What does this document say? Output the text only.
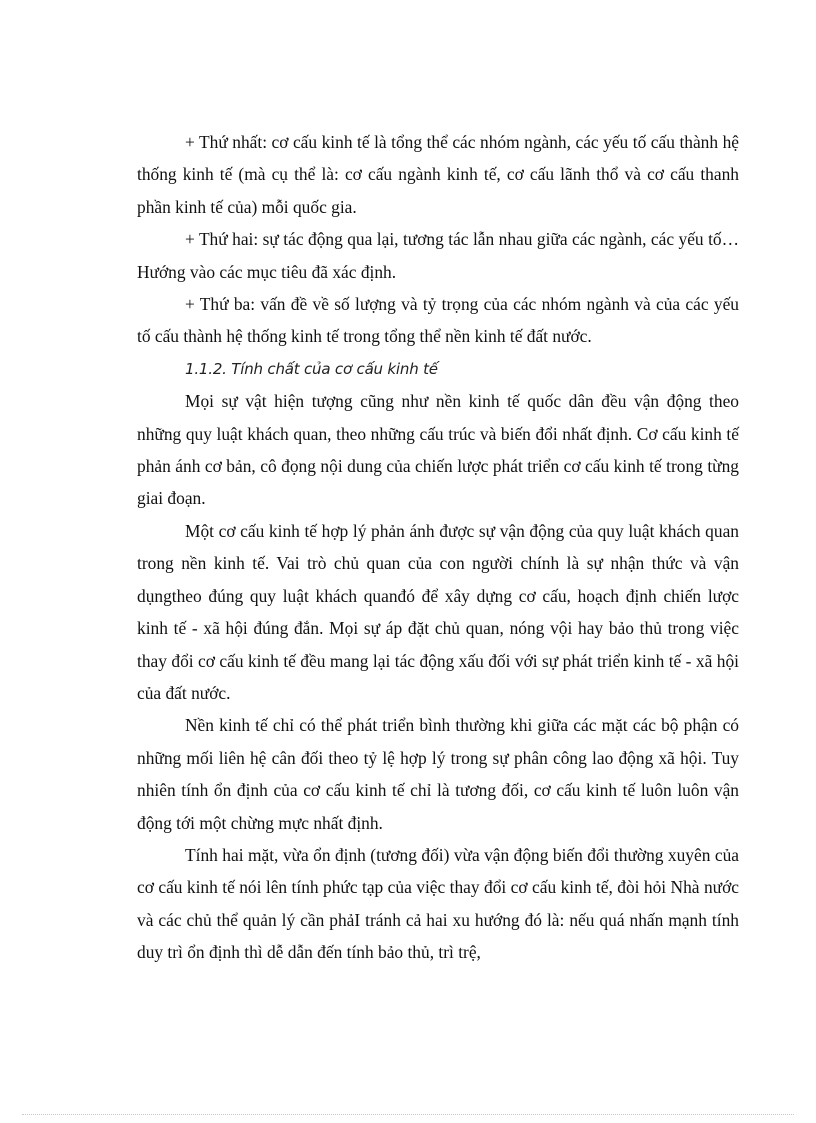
+ Thứ nhất: cơ cấu kinh tế là tổng thể các nhóm ngành, các yếu tố cấu thành hệ thống kinh tế (mà cụ thể là: cơ cấu ngành kinh tế, cơ cấu lãnh thổ và cơ cấu thanh phần kinh tế của) mỗi quốc gia.

+ Thứ hai: sự tác động qua lại, tương tác lẫn nhau giữa các ngành, các yếu tố… Hướng vào các mục tiêu đã xác định.

+ Thứ ba: vấn đề về số lượng và tỷ trọng của các nhóm ngành và của các yếu tố cấu thành hệ thống kinh tế trong tổng thể nền kinh tế đất nước.

1.1.2. Tính chất của cơ cấu kinh tế

Mọi sự vật hiện tượng cũng như nền kinh tế quốc dân đều vận động theo những quy luật khách quan, theo những cấu trúc và biến đổi nhất định. Cơ cấu kinh tế phản ánh cơ bản, cô đọng nội dung của chiến lược phát triển cơ cấu kinh tế trong từng giai đoạn.

Một cơ cấu kinh tế hợp lý phản ánh được sự vận động của quy luật khách quan trong nền kinh tế. Vai trò chủ quan của con người chính là sự nhận thức và vận dụngtheo đúng quy luật khách quanđó để xây dựng cơ cấu, hoạch định chiến lược kinh tế - xã hội đúng đắn. Mọi sự áp đặt chủ quan, nóng vội hay bảo thủ trong việc thay đổi cơ cấu kinh tế đều mang lại tác động xấu đối với sự phát triển kinh tế - xã hội của đất nước.

Nền kinh tế chỉ có thể phát triển bình thường khi giữa các mặt các bộ phận có những mối liên hệ cân đối theo tỷ lệ hợp lý trong sự phân công lao động xã hội. Tuy nhiên tính ổn định của cơ cấu kinh tế chỉ là tương đối, cơ cấu kinh tế luôn luôn vận động tới một chừng mực nhất định.

Tính hai mặt, vừa ổn định (tương đối) vừa vận động biến đổi thường xuyên của cơ cấu kinh tế nói lên tính phức tạp của việc thay đổi cơ cấu kinh tế, đòi hỏi Nhà nước và các chủ thể quản lý cần phảI tránh cả hai xu hướng đó là: nếu quá nhấn mạnh tính duy trì ổn định thì dễ dẫn đến tính bảo thủ, trì trệ,
